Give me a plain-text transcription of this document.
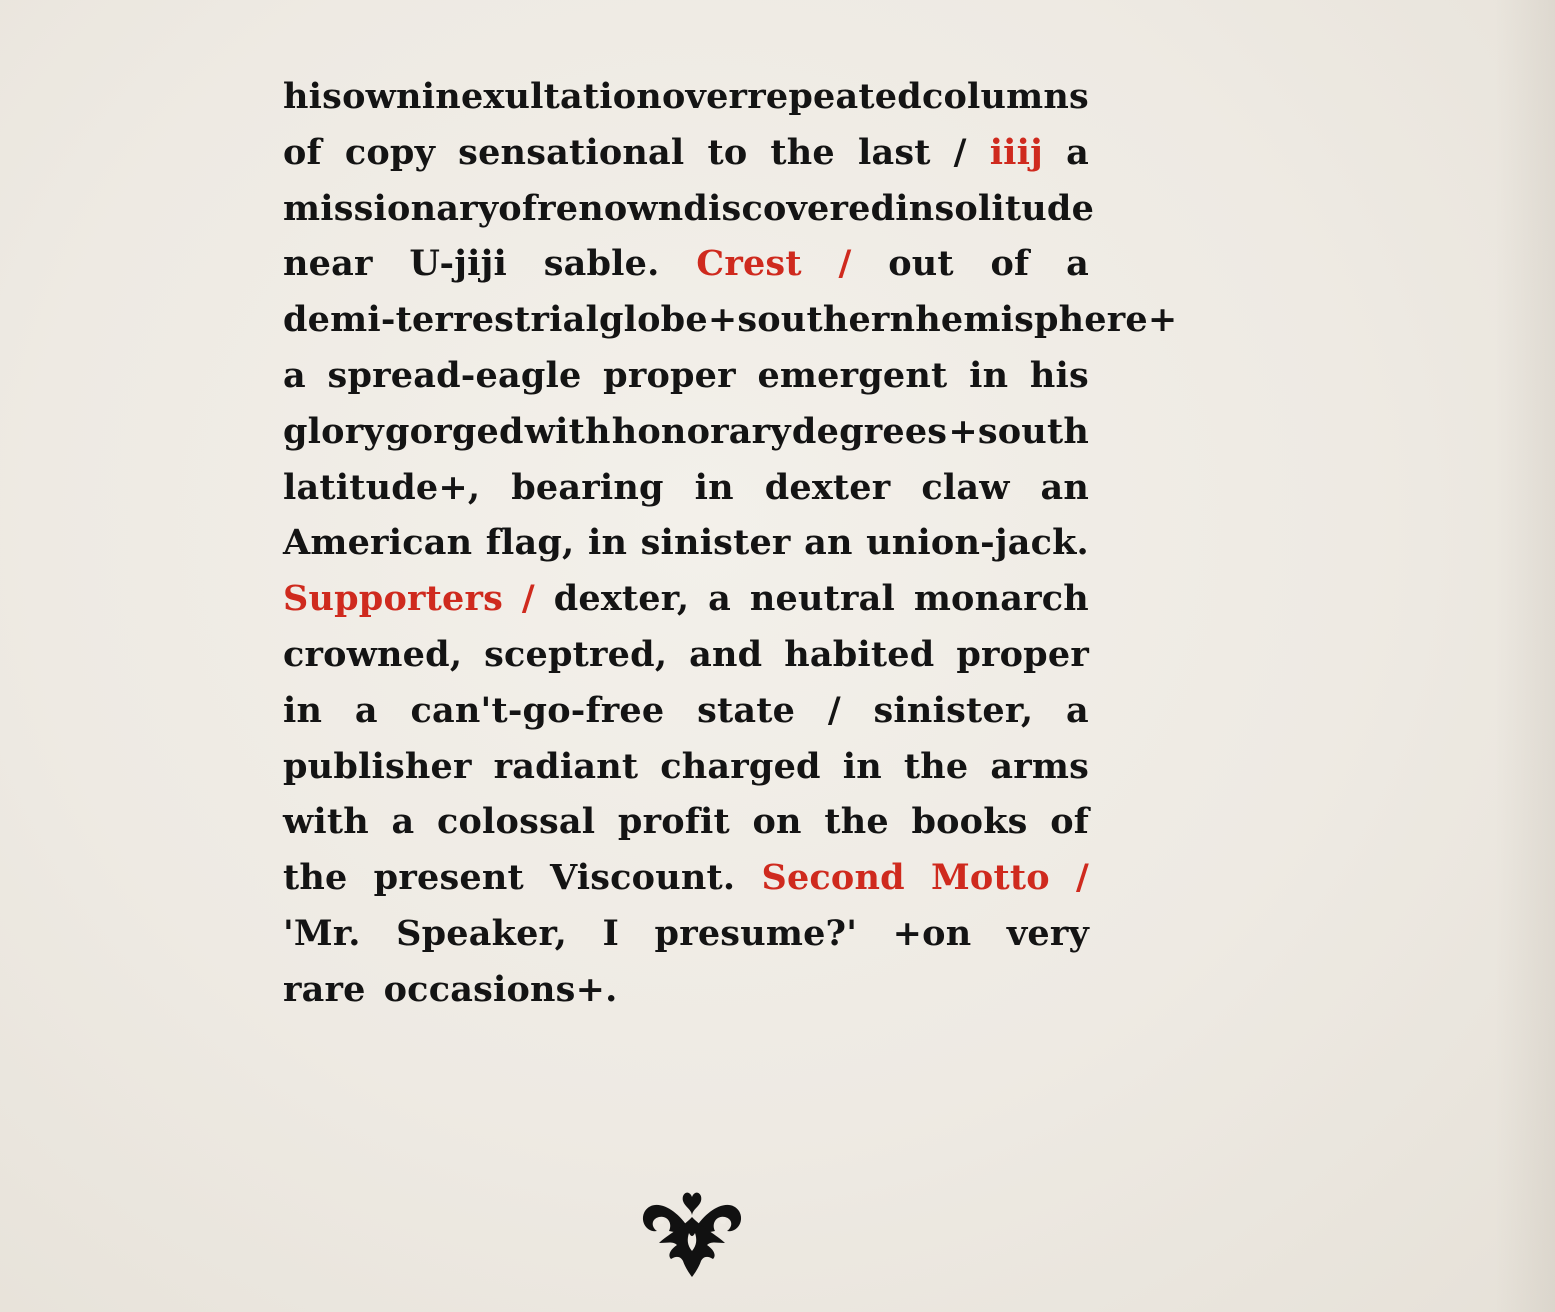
his own in exultation over repeated columns
of copy sensational to the last / iiij a
missionary of renown discovered in solitude
near U-jiji sable. Crest / out of a
demi-terrestrial globe +southern hemisphere+
a spread-eagle proper emergent in his
glory gorged with honorary degrees +south
latitude+, bearing in dexter claw an
American flag, in sinister an union-jack.
Supporters / dexter, a neutral monarch
crowned, sceptred, and habited proper
in a can't-go-free state / sinister, a
publisher radiant charged in the arms
with a colossal profit on the books of
the present Viscount. Second Motto /
'Mr. Speaker, I presume?' +on very
rare occasions+.
